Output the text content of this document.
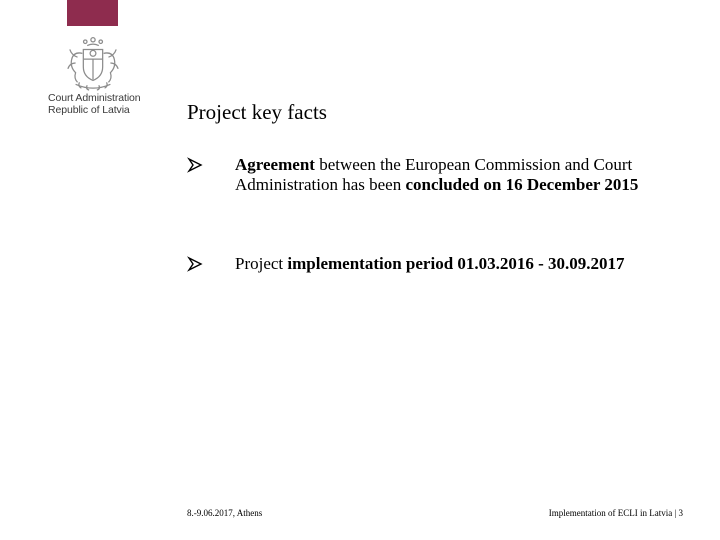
Court Administration
Republic of Latvia	Project key facts
Agreement between the European Commission and Court Administration has been concluded on 16 December 2015
Project implementation period 01.03.2016 - 30.09.2017
8.-9.06.2017, Athens	Implementation of ECLI in Latvia | 3
